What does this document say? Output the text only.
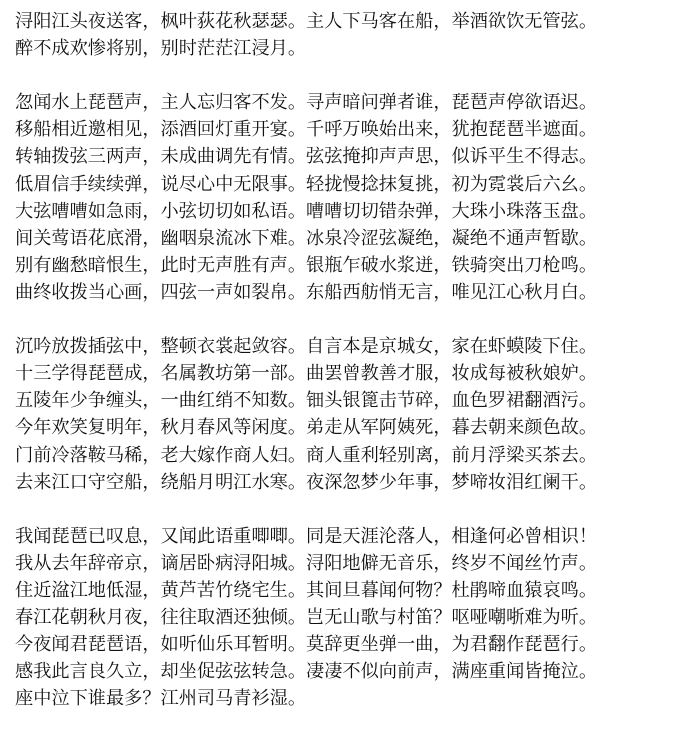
浔阳江头夜送客，枫叶荻花秋瑟瑟。主人下马客在船，举酒欲饮无管弦。
醉不成欢惨将别，别时茫茫江浸月。
忽闻水上琵琶声，主人忘归客不发。寻声暗问弹者谁，琵琶声停欲语迟。
移船相近邀相见，添酒回灯重开宴。千呼万唤始出来，犹抱琵琶半遮面。
转轴拨弦三两声，未成曲调先有情。弦弦掩抑声声思，似诉平生不得志。
低眉信手续续弹，说尽心中无限事。轻拢慢捻抹复挑，初为霓裳后六幺。
大弦嘈嘈如急雨，小弦切切如私语。嘈嘈切切错杂弹，大珠小珠落玉盘。
间关莺语花底滑，幽咽泉流冰下难。冰泉冷涩弦凝绝，凝绝不通声暂歇。
别有幽愁暗恨生，此时无声胜有声。银瓶乍破水浆迸，铁骑突出刀枪鸣。
曲终收拨当心画，四弦一声如裂帛。东船西舫悄无言，唯见江心秋月白。
沉吟放拨插弦中，整顿衣裳起敛容。自言本是京城女，家在虾蟆陵下住。
十三学得琵琶成，名属教坊第一部。曲罢曾教善才服，妆成每被秋娘妒。
五陵年少争缠头，一曲红绡不知数。钿头银篦击节碎，血色罗裙翻酒污。
今年欢笑复明年，秋月春风等闲度。弟走从军阿姨死，暮去朝来颜色故。
门前冷落鞍马稀，老大嫁作商人妇。商人重利轻别离，前月浮梁买茶去。
去来江口守空船，绕船月明江水寒。夜深忽梦少年事，梦啼妆泪红阑干。
我闻琵琶已叹息，又闻此语重唧唧。同是天涯沦落人，相逢何必曾相识！
我从去年辞帝京，谪居卧病浔阳城。浔阳地僻无音乐，终岁不闻丝竹声。
住近湓江地低湿，黄芦苦竹绕宅生。其间旦暮闻何物？杜鹃啼血猿哀鸣。
春江花朝秋月夜，往往取酒还独倾。岂无山歌与村笛？呕哑嘲哳难为听。
今夜闻君琵琶语，如听仙乐耳暂明。莫辞更坐弹一曲，为君翻作琵琶行。
感我此言良久立，却坐促弦弦转急。凄凄不似向前声，满座重闻皆掩泣。
座中泣下谁最多？江州司马青衫湿。
